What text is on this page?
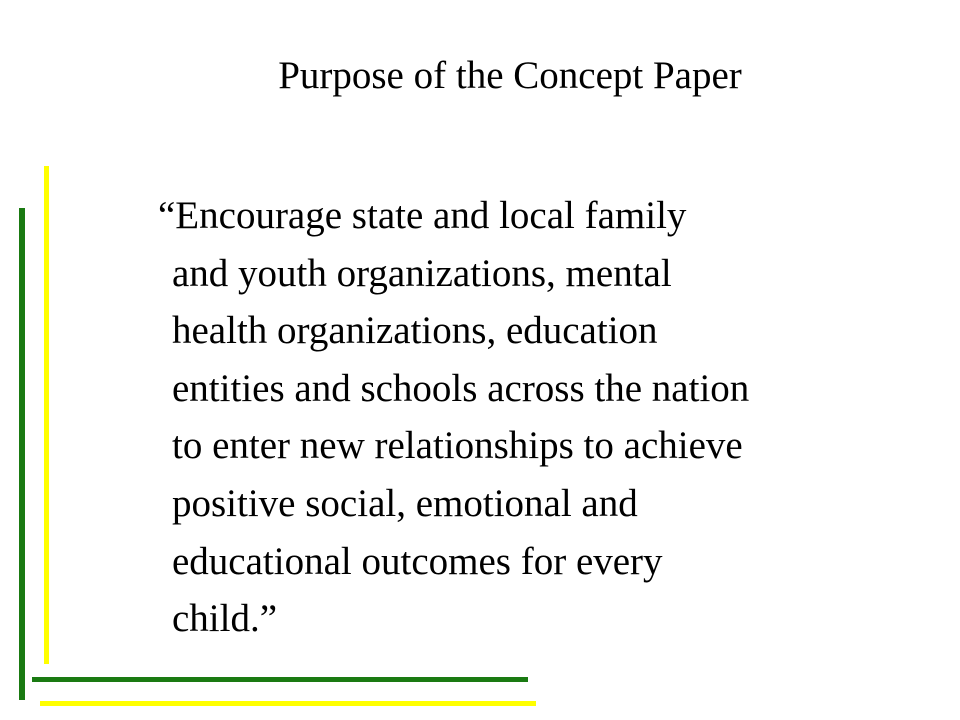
Purpose of the Concept Paper

“Encourage state and local family
and youth organizations, mental
health organizations, education
entities and schools across the nation
to enter new relationships to achieve
positive social, emotional and
educational outcomes for every
child.”
